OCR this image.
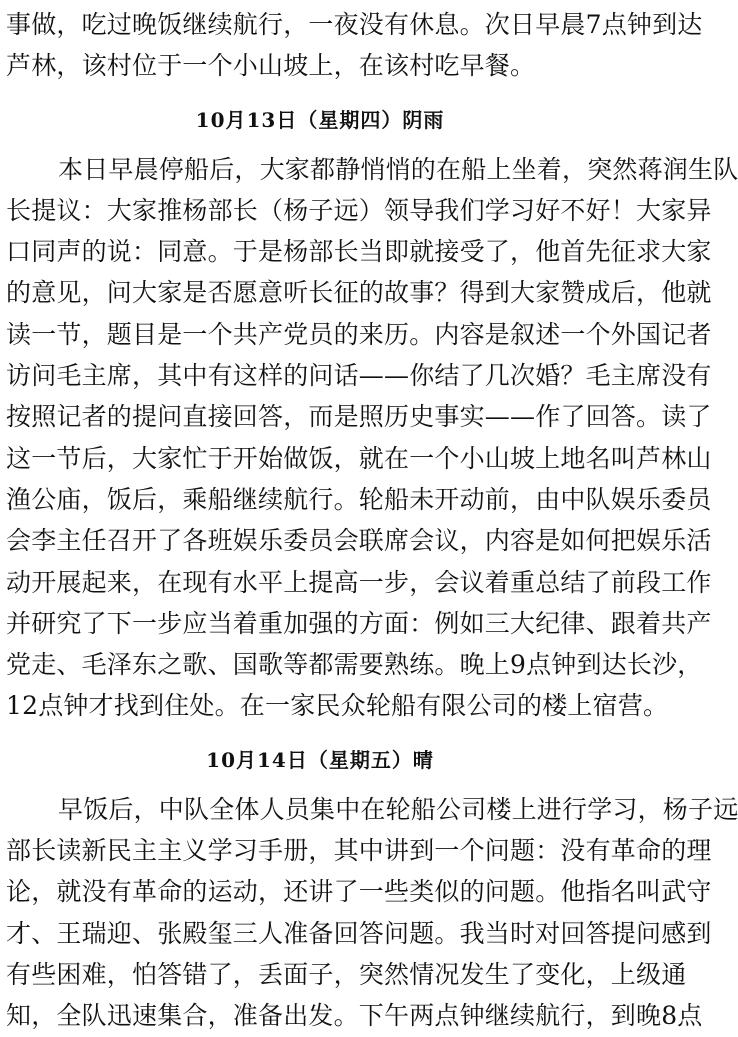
事做，吃过晚饭继续航行，一夜没有休息。次日早晨7点钟到达
芦林，该村位于一个小山坡上，在该村吃早餐。
10月13日（星期四）阴雨
本日早晨停船后，大家都静悄悄的在船上坐着，突然蒋润生队
长提议：大家推杨部长（杨子远）领导我们学习好不好！大家异
口同声的说：同意。于是杨部长当即就接受了，他首先征求大家
的意见，问大家是否愿意听长征的故事？得到大家赞成后，他就
读一节，题目是一个共产党员的来历。内容是叙述一个外国记者
访问毛主席，其中有这样的问话——你结了几次婚？毛主席没有
按照记者的提问直接回答，而是照历史事实——作了回答。读了
这一节后，大家忙于开始做饭，就在一个小山坡上地名叫芦林山
渔公庙，饭后，乘船继续航行。轮船未开动前，由中队娱乐委员
会李主任召开了各班娱乐委员会联席会议，内容是如何把娱乐活
动开展起来，在现有水平上提高一步，会议着重总结了前段工作
并研究了下一步应当着重加强的方面：例如三大纪律、跟着共产
党走、毛泽东之歌、国歌等都需要熟练。晚上9点钟到达长沙，
12点钟才找到住处。在一家民众轮船有限公司的楼上宿营。
10月14日（星期五）晴
早饭后，中队全体人员集中在轮船公司楼上进行学习，杨子远
部长读新民主主义学习手册，其中讲到一个问题：没有革命的理
论，就没有革命的运动，还讲了一些类似的问题。他指名叫武守
才、王瑞迎、张殿玺三人准备回答问题。我当时对回答提问感到
有些困难，怕答错了，丢面子，突然情况发生了变化，上级通
知，全队迅速集合，准备出发。下午两点钟继续航行，到晚8点
